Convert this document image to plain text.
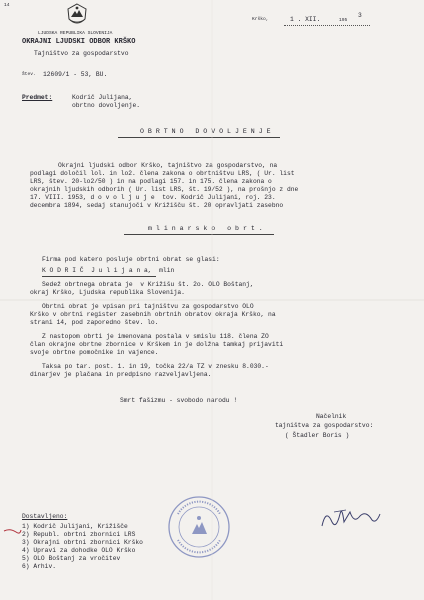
14
LJUDSKA REPUBLIKA SLOVENIJA
OKRAJNI LJUDSKI ODBOR KRŠKO
Tajništvo za gospodarstvo
Štev. 12609/1 - 53, BU.
Krško,	1 . XII.	195
3
Predmet:	Kodrič Julijana,
obrtno dovoljenje.
O B R T N O   D O V O L J E N J E
Okrajni ljudski odbor Krško, tajništvo za gospodarstvo, na
podlagi določil lol. in lo2. člena zakona o obrtništvu LRS, ( Ur. list
LRS, štev. 20-lo2/50 ) in na podlagi 157. in 175. člena zakona o
okrajnih ljudskih odborih ( Ur. list LRS, št. 19/52 ), na prošnjo z dne
17. VIII. 1953, d o v o l j u j e  tov. Kodrič Julijani, roj. 23.
decembra 1894, sedaj stanujoči v Križišču št. 20 opravljati zasebno
m l i n a r s k o   o b r t .
Firma pod katero posluje obrtni obrat se glasi:
K O D R I Č  J u l i j a n a,  mlin
Sedež obrtnega obrata je  v Križišu št. 2o. OLO Boštanj,
okraj Krško, Ljudska republika Slovenija.
Obrtni obrat je vpisan pri tajništvu za gospodarstvo OLO
Krško v obrtni register zasebnih obrtnih obratov okraja Krško, na
strani 14, pod zaporedno štev. lo.
Z nastopom obrti je imenovana postala v smislu 118. člena ZO
član okrajne obrtne zbornice v Krškem in je dolžna tamkaj prijaviti
svoje obrtne pomočnike in vajence.
Taksa po tar. post. 1. in 19, točka 22/a TZ v znesku 8.030.-
dinarjev je plačana in predpisno razveljavljena.
Smrt fašizmu - svobodo narodu !
Načelnik
tajništva za gospodarstvo:
( Štadler Boris )
Dostavljeno:
1) Kodrič Julijani, Križišče
2) Republ. obrtni zbornici LRS
3) Okrajni obrtni zbornici Krško
4) Upravi za dohodke OLO Krško
5) OLO Boštanj za vročitev
6) Arhiv.
